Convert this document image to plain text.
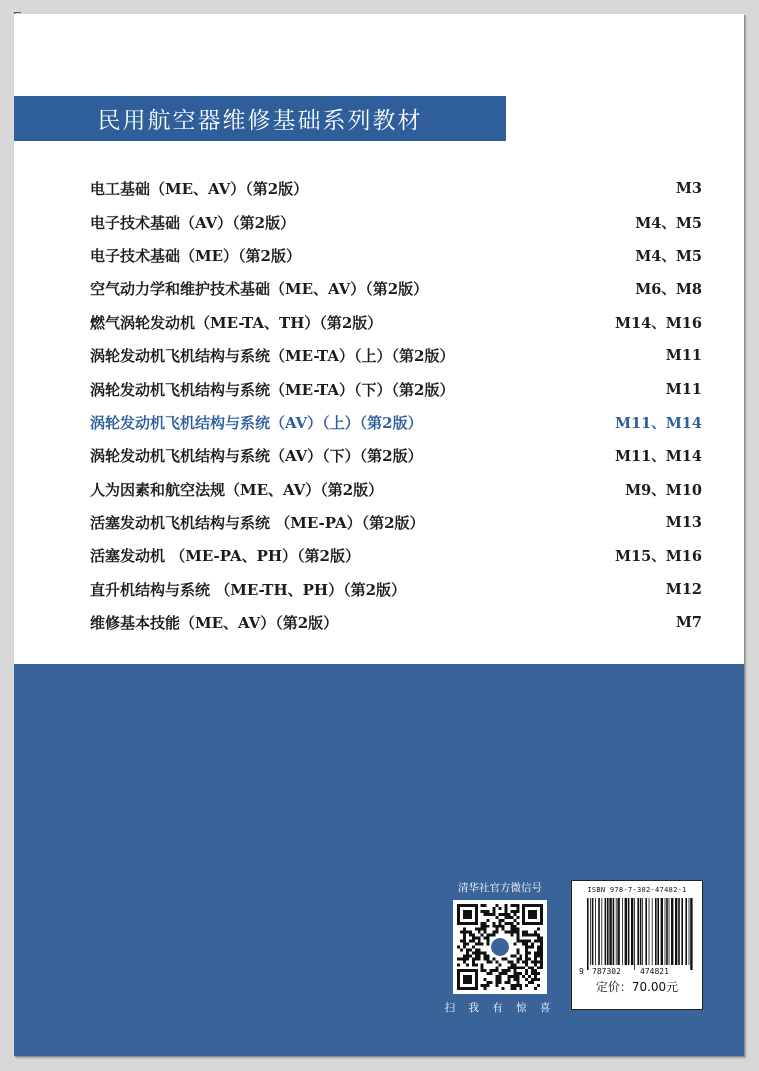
民用航空器维修基础系列教材
电工基础（ME、AV）（第2版）	M3
电子技术基础（AV）（第2版）	M4、M5
电子技术基础（ME）（第2版）	M4、M5
空气动力学和维护技术基础（ME、AV）（第2版）	M6、M8
燃气涡轮发动机（ME-TA、TH）（第2版）	M14、M16
涡轮发动机飞机结构与系统（ME-TA）（上）（第2版）	M11
涡轮发动机飞机结构与系统（ME-TA）（下）（第2版）	M11
涡轮发动机飞机结构与系统（AV）（上）（第2版）	M11、M14
涡轮发动机飞机结构与系统（AV）（下）（第2版）	M11、M14
人为因素和航空法规（ME、AV）（第2版）	M9、M10
活塞发动机飞机结构与系统 （ME-PA）（第2版）	M13
活塞发动机 （ME-PA、PH）（第2版）	M15、M16
直升机结构与系统 （ME-TH、PH）（第2版）	M12
维修基本技能（ME、AV）（第2版）	M7
清华社官方微信号
扫 我 有 惊 喜
ISBN 978-7-302-47482-1
9 787302 474821
定价：70.00元
